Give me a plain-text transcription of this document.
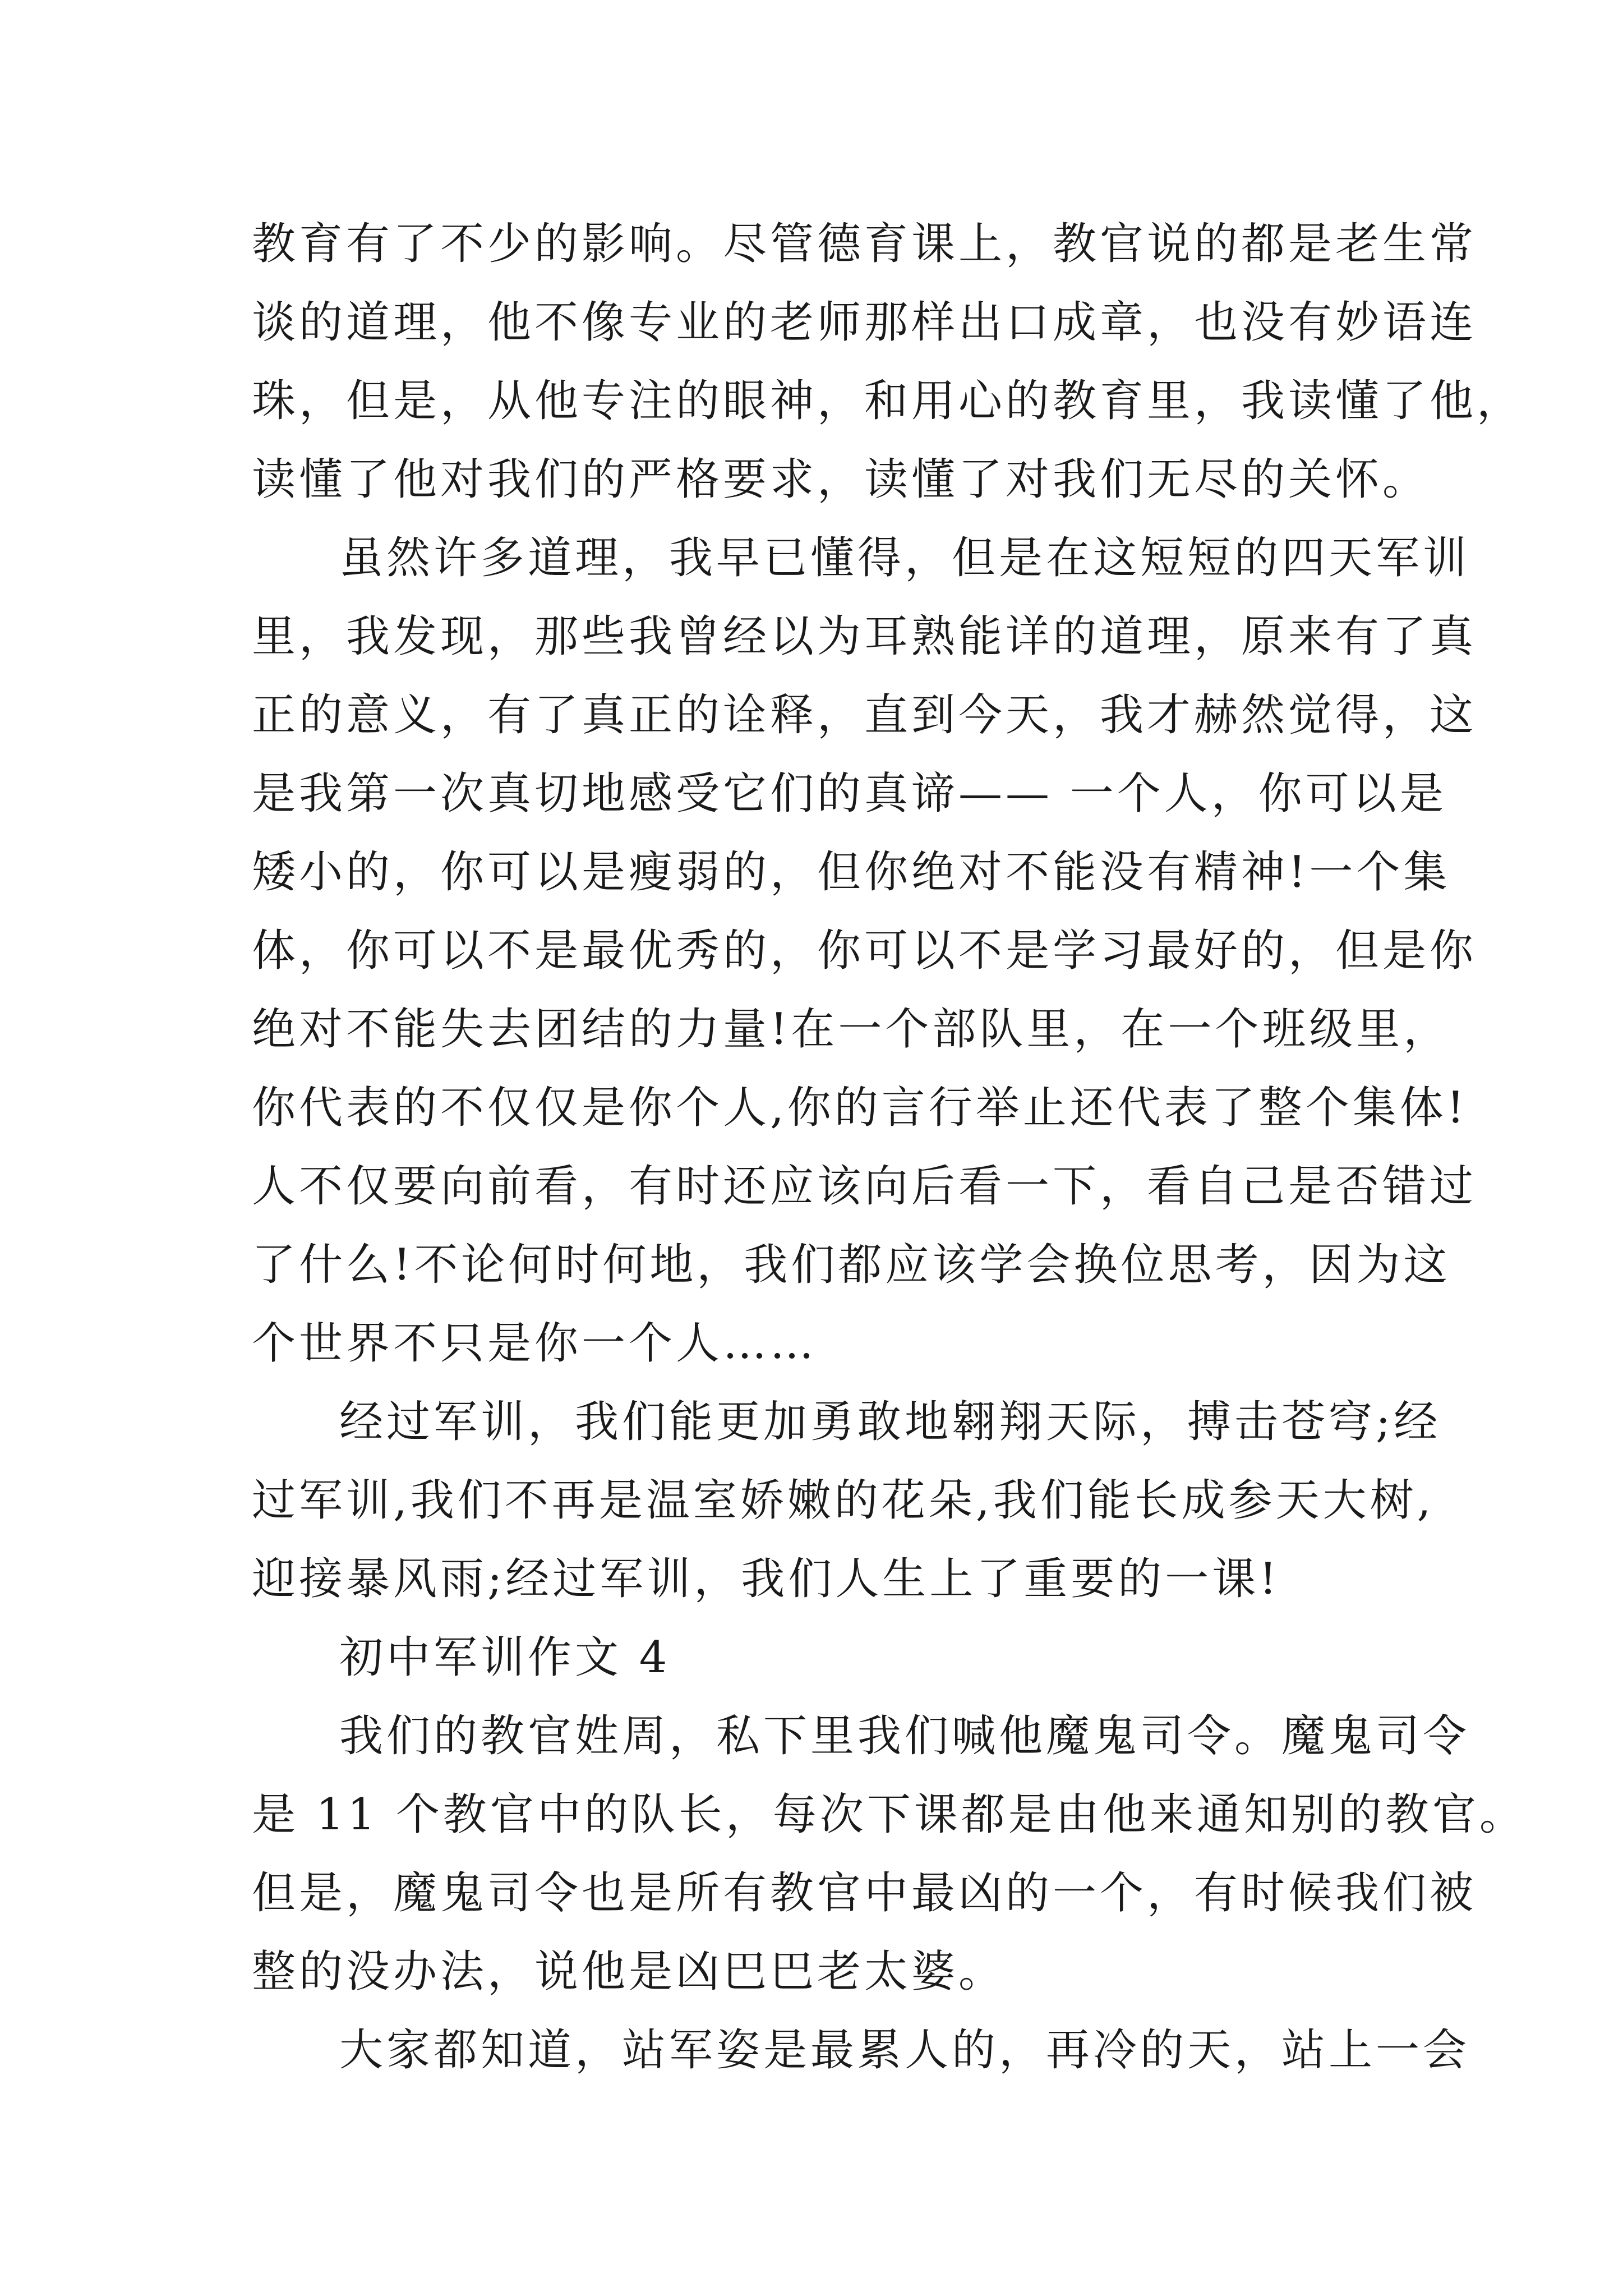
教育有了不少的影响。尽管德育课上，教官说的都是老生常
谈的道理，他不像专业的老师那样出口成章，也没有妙语连
珠，但是，从他专注的眼神，和用心的教育里，我读懂了他，
读懂了他对我们的严格要求，读懂了对我们无尽的关怀。
虽然许多道理，我早已懂得，但是在这短短的四天军训
里，我发现，那些我曾经以为耳熟能详的道理，原来有了真
正的意义，有了真正的诠释，直到今天，我才赫然觉得，这
是我第一次真切地感受它们的真谛—— 一个人，你可以是
矮小的，你可以是瘦弱的，但你绝对不能没有精神!一个集
体，你可以不是最优秀的，你可以不是学习最好的，但是你
绝对不能失去团结的力量!在一个部队里，在一个班级里，
你代表的不仅仅是你个人,你的言行举止还代表了整个集体!
人不仅要向前看，有时还应该向后看一下，看自己是否错过
了什么!不论何时何地，我们都应该学会换位思考，因为这
个世界不只是你一个人……
经过军训，我们能更加勇敢地翱翔天际，搏击苍穹;经
过军训,我们不再是温室娇嫩的花朵,我们能长成参天大树,
迎接暴风雨;经过军训，我们人生上了重要的一课!
初中军训作文 4
我们的教官姓周，私下里我们喊他魔鬼司令。魔鬼司令
是 11 个教官中的队长，每次下课都是由他来通知别的教官。
但是，魔鬼司令也是所有教官中最凶的一个，有时候我们被
整的没办法，说他是凶巴巴老太婆。
大家都知道，站军姿是最累人的，再冷的天，站上一会
